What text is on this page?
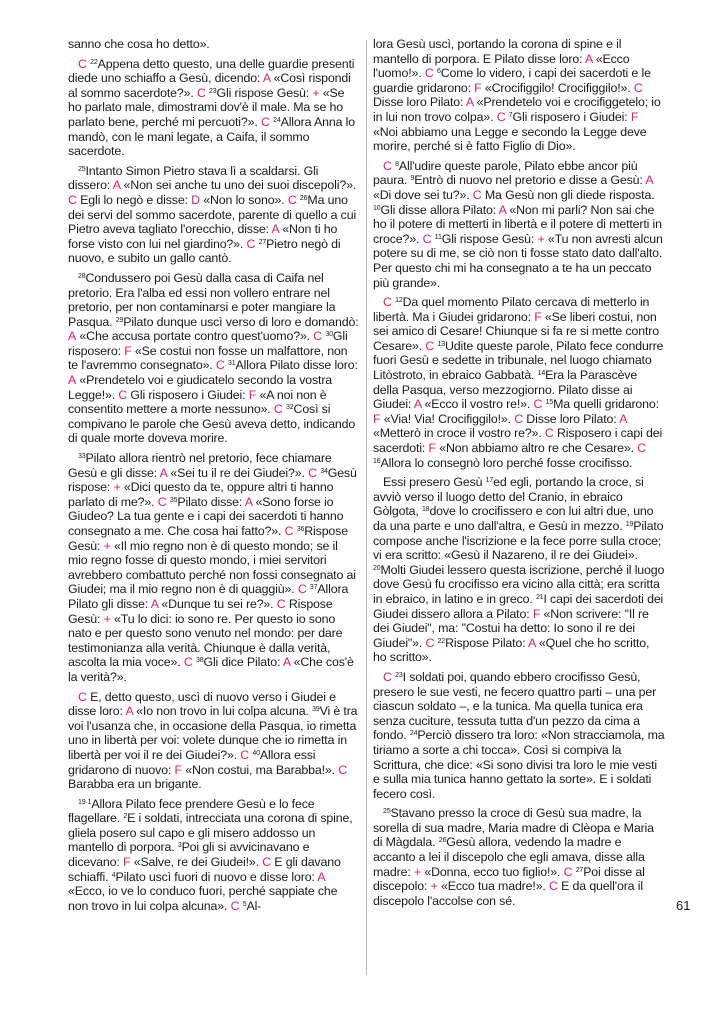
sanno che cosa ho detto».

C $^{22}$Appena detto questo, una delle guardie presenti diede uno schiaffo a Gesù, dicendo: A «Così rispondi al sommo sacerdote?». C $^{23}$Gli rispose Gesù: + «Se ho parlato male, dimostrami dov'è il male. Ma se ho parlato bene, perché mi percuoti?». C $^{24}$Allora Anna lo mandò, con le mani legate, a Caifa, il sommo sacerdote.

$^{25}$Intanto Simon Pietro stava lì a scaldarsi. Gli dissero: A «Non sei anche tu uno dei suoi discepoli?». C Egli lo negò e disse: D «Non lo sono». C $^{26}$Ma uno dei servi del sommo sacerdote, parente di quello a cui Pietro aveva tagliato l'orecchio, disse: A «Non ti ho forse visto con lui nel giardino?». C $^{27}$Pietro negò di nuovo, e subito un gallo cantò.

$^{28}$Condussero poi Gesù dalla casa di Caifa nel pretorio. Era l'alba ed essi non vollero entrare nel pretorio, per non contaminarsi e poter mangiare la Pasqua. $^{29}$Pilato dunque uscì verso di loro e domandò: A «Che accusa portate contro quest'uomo?». C $^{30}$Gli risposero: F «Se costui non fosse un malfattore, non te l'avremmo consegnato». C $^{31}$Allora Pilato disse loro: A «Prendetelo voi e giudicatelo secondo la vostra Legge!». C Gli risposero i Giudei: F «A noi non è consentito mettere a morte nessuno». C $^{32}$Così si compivano le parole che Gesù aveva detto, indicando di quale morte doveva morire.

$^{33}$Pilato allora rientrò nel pretorio, fece chiamare Gesù e gli disse: A «Sei tu il re dei Giudei?». C $^{34}$Gesù rispose: + «Dici questo da te, oppure altri ti hanno parlato di me?». C $^{35}$Pilato disse: A «Sono forse io Giudeo? La tua gente e i capi dei sacerdoti ti hanno consegnato a me. Che cosa hai fatto?». C $^{36}$Rispose Gesù: + «Il mio regno non è di questo mondo; se il mio regno fosse di questo mondo, i miei servitori avrebbero combattuto perché non fossi consegnato ai Giudei; ma il mio regno non è di quaggiù». C $^{37}$Allora Pilato gli disse: A «Dunque tu sei re?». C Rispose Gesù: + «Tu lo dici: io sono re. Per questo io sono nato e per questo sono venuto nel mondo: per dare testimonianza alla verità. Chiunque è dalla verità, ascolta la mia voce». C $^{38}$Gli dice Pilato: A «Che cos'è la verità?».

C E, detto questo, uscì di nuovo verso i Giudei e disse loro: A «Io non trovo in lui colpa alcuna. $^{39}$Vi è tra voi l'usanza che, in occasione della Pasqua, io rimetta uno in libertà per voi: volete dunque che io rimetta in libertà per voi il re dei Giudei?». C $^{40}$Allora essi gridarono di nuovo: F «Non costui, ma Barabba!». C Barabba era un brigante.

$^{19\cdot 1}$Allora Pilato fece prendere Gesù e lo fece flagellare. $^2$E i soldati, intrecciata una corona di spine, gliela posero sul capo e gli misero addosso un mantello di porpora. $^3$Poi gli si avvicinavano e dicevano: F «Salve, re dei Giudei!». C E gli davano schiaffi. $^4$Pilato uscì fuori di nuovo e disse loro: A «Ecco, io ve lo conduco fuori, perché sappiate che non trovo in lui colpa alcuna». C $^5$Al-

lora Gesù uscì, portando la corona di spine e il mantello di porpora. E Pilato disse loro: A «Ecco l'uomo!». C $^6$Come lo videro, i capi dei sacerdoti e le guardie gridarono: F «Crocifiggilo! Crocifiggilo!». C Disse loro Pilato: A «Prendetelo voi e crocifiggetelo; io in lui non trovo colpa». C $^7$Gli risposero i Giudei: F «Noi abbiamo una Legge e secondo la Legge deve morire, perché si è fatto Figlio di Dio».

C $^8$All'udire queste parole, Pilato ebbe ancor più paura. $^9$Entrò di nuovo nel pretorio e disse a Gesù: A «Di dove sei tu?». C Ma Gesù non gli diede risposta. $^{10}$Gli disse allora Pilato: A «Non mi parli? Non sai che ho il potere di metterti in libertà e il potere di metterti in croce?». C $^{11}$Gli rispose Gesù: + «Tu non avresti alcun potere su di me, se ciò non ti fosse stato dato dall'alto. Per questo chi mi ha consegnato a te ha un peccato più grande».

C $^{12}$Da quel momento Pilato cercava di metterlo in libertà. Ma i Giudei gridarono: F «Se liberi costui, non sei amico di Cesare! Chiunque si fa re si mette contro Cesare». C $^{13}$Udite queste parole, Pilato fece condurre fuori Gesù e sedette in tribunale, nel luogo chiamato Litòstroto, in ebraico Gabbatà. $^{14}$Era la Parascève della Pasqua, verso mezzogiorno. Pilato disse ai Giudei: A «Ecco il vostro re!». C $^{15}$Ma quelli gridarono: F «Via! Via! Crocifiggilo!». C Disse loro Pilato: A «Metterò in croce il vostro re?». C Risposero i capi dei sacerdoti: F «Non abbiamo altro re che Cesare». C $^{16}$Allora lo consegnò loro perché fosse crocifisso.

Essi presero Gesù $^{17}$ed egli, portando la croce, si avviò verso il luogo detto del Cranio, in ebraico Gòlgota, $^{18}$dove lo crocifissero e con lui altri due, uno da una parte e uno dall'altra, e Gesù in mezzo. $^{19}$Pilato compose anche l'iscrizione e la fece porre sulla croce; vi era scritto: «Gesù il Nazareno, il re dei Giudei». $^{20}$Molti Giudei lessero questa iscrizione, perché il luogo dove Gesù fu crocifisso era vicino alla città; era scritta in ebraico, in latino e in greco. $^{21}$I capi dei sacerdoti dei Giudei dissero allora a Pilato: F «Non scrivere: "Il re dei Giudei", ma: "Costui ha detto: Io sono il re dei Giudei"». C $^{22}$Rispose Pilato: A «Quel che ho scritto, ho scritto».

C $^{23}$I soldati poi, quando ebbero crocifisso Gesù, presero le sue vesti, ne fecero quattro parti – una per ciascun soldato –, e la tunica. Ma quella tunica era senza cuciture, tessuta tutta d'un pezzo da cima a fondo. $^{24}$Perciò dissero tra loro: «Non stracciamola, ma tiriamo a sorte a chi tocca». Così si compiva la Scrittura, che dice: «Si sono divisi tra loro le mie vesti e sulla mia tunica hanno gettato la sorte». E i soldati fecero così.

$^{25}$Stavano presso la croce di Gesù sua madre, la sorella di sua madre, Maria madre di Clèopa e Maria di Màgdala. $^{26}$Gesù allora, vedendo la madre e accanto a lei il discepolo che egli amava, disse alla madre: + «Donna, ecco tuo figlio!». C $^{27}$Poi disse al discepolo: + «Ecco tua madre!». C E da quell'ora il discepolo l'accolse con sé.	61
